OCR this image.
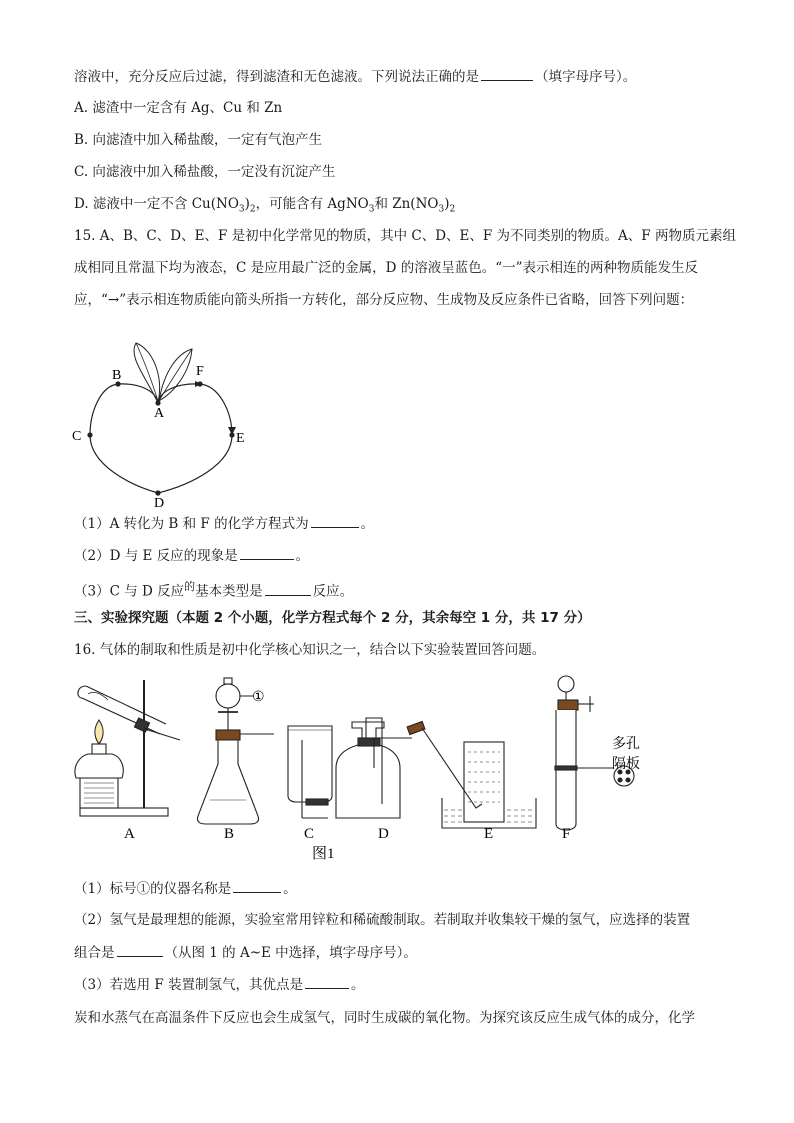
溶液中，充分反应后过滤，得到滤渣和无色滤液。下列说法正确的是	（填字母序号）。
A. 滤渣中一定含有 Ag、Cu 和 Zn
B. 向滤渣中加入稀盐酸，一定有气泡产生
C. 向滤液中加入稀盐酸，一定没有沉淀产生
D. 滤液中一定不含 $Cu(NO_3)_2$，可能含有 AgNO$_3$和 $Zn(NO_3)_2$
15. A、B、C、D、E、F 是初中化学常见的物质，其中 C、D、E、F 为不同类别的物质。A、F 两物质元素组
成相同且常温下均为液态，C 是应用最广泛的金属，D 的溶液呈蓝色。“一”表示相连的两种物质能发生反
应，“→”表示相连物质能向箭头所指一方转化，部分反应物、生成物及反应条件已省略，回答下列问题：
A
B	F
C	E
D
（1）A 转化为 B 和 F 的化学方程式为	。
（2）D 与 E 反应的现象是	。
（3）C 与 D 反应$^的$基本类型是	反应。
三、实验探究题（本题 2 个小题，化学方程式每个 2 分，其余每空 1 分，共 17 分）
16. 气体的制取和性质是初中化学核心知识之一，结合以下实验装置回答问题。
①
多孔
隔板
A	B	C	D	E	F
图1
（1）标号①的仪器名称是	。
（2）氢气是最理想的能源，实验室常用锌粒和稀硫酸制取。若制取并收集较干燥的氢气，应选择的装置
组合是	（从图 1 的 A~E 中选择，填字母序号）。
（3）若选用 F 装置制氢气，其优点是	。
炭和水蒸气在高温条件下反应也会生成氢气，同时生成碳的氧化物。为探究该反应生成气体的成分，化学
